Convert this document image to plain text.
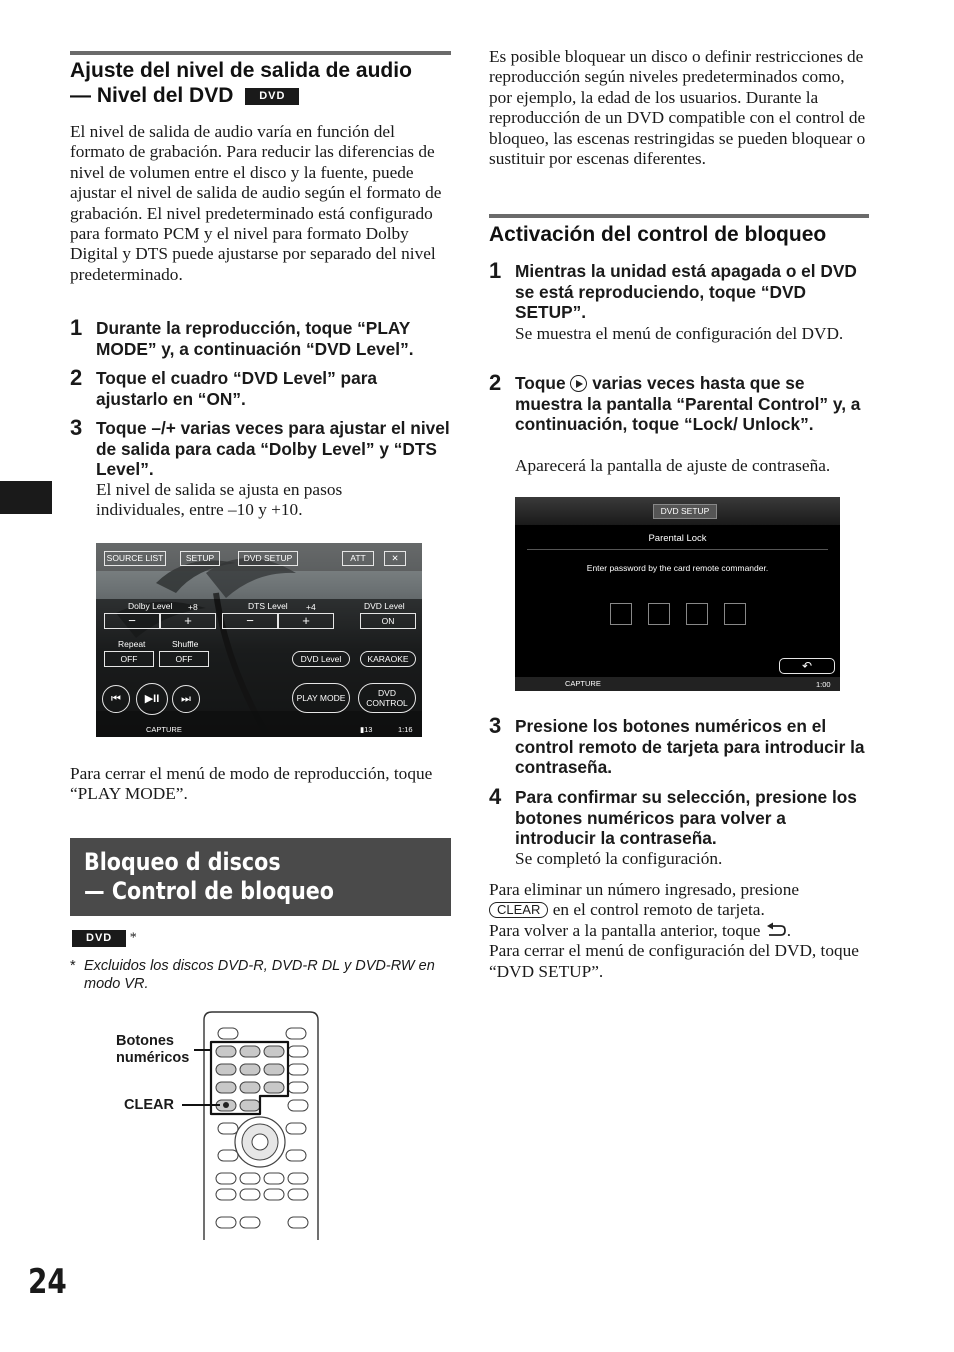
Ajuste del nivel de salida de audio
— Nivel del DVD DVD
El nivel de salida de audio varía en función del formato de grabación. Para reducir las diferencias de nivel de volumen entre el disco y la fuente, puede ajustar el nivel de salida de audio según el formato de grabación. El nivel predeterminado está configurado para formato PCM y el nivel para formato Dolby Digital y DTS puede ajustarse por separado del nivel predeterminado.
1 Durante la reproducción, toque “PLAY MODE” y, a continuación “DVD Level”.
2 Toque el cuadro “DVD Level” para ajustarlo en “ON”.
3 Toque –/+ varias veces para ajustar el nivel de salida para cada “Dolby Level” y “DTS Level”.
El nivel de salida se ajusta en pasos individuales, entre –10 y +10.
SOURCE LIST	SETUP	DVD SETUP	ATT	✕
Dolby Level +8	DTS Level +4	DVD Level
−	+	−	+	ON
Repeat	Shuffle
OFF	OFF	DVD Level	KARAOKE
⏮	▶II	⏭	PLAY MODE	DVD
CONTROL
CAPTURE	▮13	1:16
Para cerrar el menú de modo de reproducción, toque “PLAY MODE”.
Bloqueo d discos
— Control de bloqueo
DVD *
* Excluidos los discos DVD-R, DVD-R DL y DVD-RW en modo VR.
Botones
numéricos
CLEAR
24
Es posible bloquear un disco o definir restricciones de reproducción según niveles predeterminados como, por ejemplo, la edad de los usuarios. Durante la reproducción de un DVD compatible con el control de bloqueo, las escenas restringidas se pueden bloquear o sustituir por escenas diferentes.
Activación del control de bloqueo
1 Mientras la unidad está apagada o el DVD se está reproduciendo, toque “DVD SETUP”.
Se muestra el menú de configuración del DVD.
2 Toque varias veces hasta que se muestra la pantalla “Parental Control” y, a continuación, toque “Lock/ Unlock”.
Aparecerá la pantalla de ajuste de contraseña.
DVD SETUP
Parental Lock
Enter password by the card remote commander.
↶
CAPTURE	1:00
3 Presione los botones numéricos en el control remoto de tarjeta para introducir la contraseña.
4 Para confirmar su selección, presione los botones numéricos para volver a introducir la contraseña.
Se completó la configuración.
Para eliminar un número ingresado, presione
CLEAR en el control remoto de tarjeta.
Para volver a la pantalla anterior, toque .
Para cerrar el menú de configuración del DVD, toque “DVD SETUP”.
